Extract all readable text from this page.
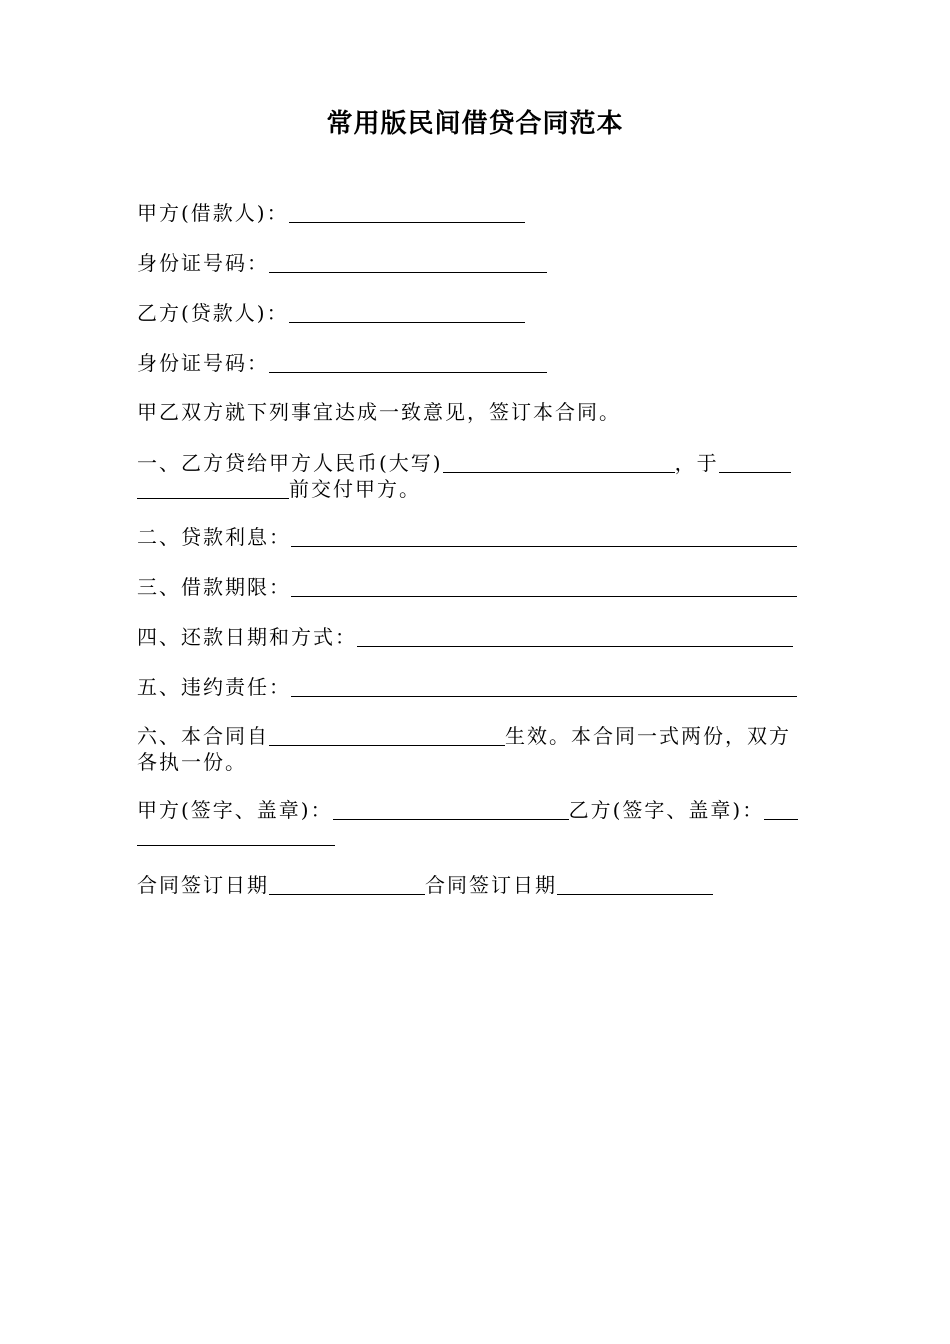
常用版民间借贷合同范本
甲方(借款人)：
身份证号码：
乙方(贷款人)：
身份证号码：
甲乙双方就下列事宜达成一致意见，签订本合同。
一、乙方贷给甲方人民币(大写)	，于
前交付甲方。
二、贷款利息：
三、借款期限：
四、还款日期和方式：
五、违约责任：
六、本合同自	生效。本合同一式两份，双方
各执一份。
甲方(签字、盖章)：	乙方(签字、盖章)：
合同签订日期	合同签订日期
